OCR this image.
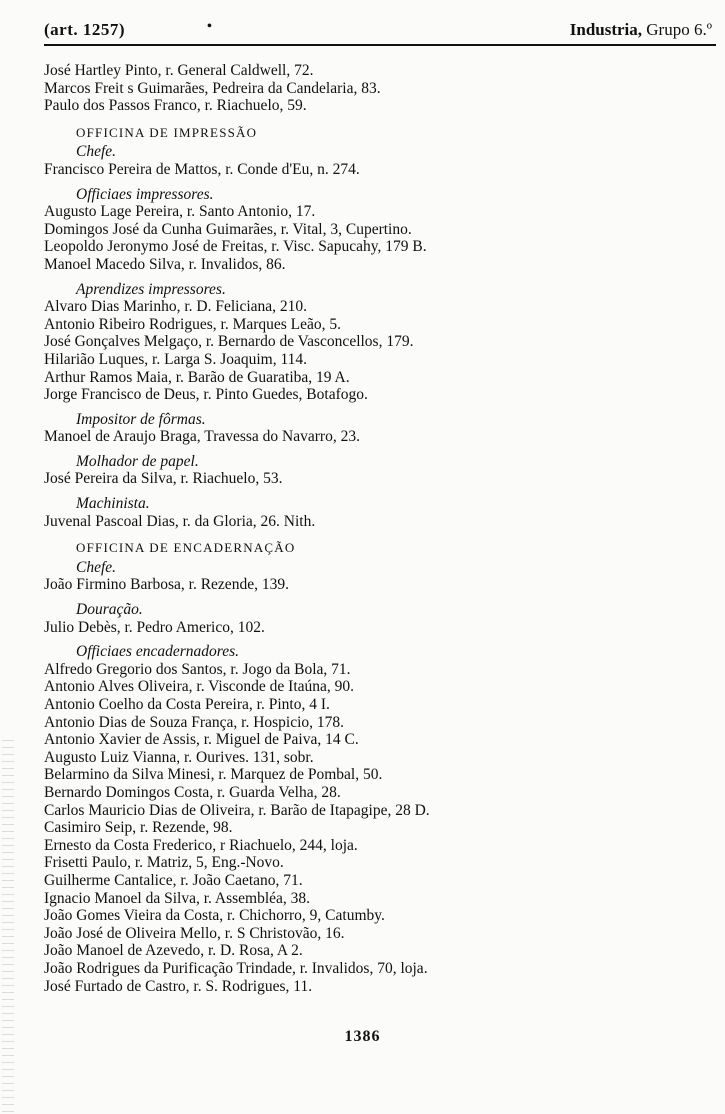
(art. 1257)	•	Industria, Grupo 6.º
José Hartley Pinto, r. General Caldwell, 72.
Marcos Freit s Guimarães, Pedreira da Candelaria, 83.
Paulo dos Passos Franco, r. Riachuelo, 59.
OFFICINA DE IMPRESSÃO
Chefe.
Francisco Pereira de Mattos, r. Conde d'Eu, n. 274.
Officiaes impressores.
Augusto Lage Pereira, r. Santo Antonio, 17.
Domingos José da Cunha Guimarães, r. Vital, 3, Cupertino.
Leopoldo Jeronymo José de Freitas, r. Visc. Sapucahy, 179 B.
Manoel Macedo Silva, r. Invalidos, 86.
Aprendizes impressores.
Alvaro Dias Marinho, r. D. Feliciana, 210.
Antonio Ribeiro Rodrigues, r. Marques Leão, 5.
José Gonçalves Melgaço, r. Bernardo de Vasconcellos, 179.
Hilarião Luques, r. Larga S. Joaquim, 114.
Arthur Ramos Maia, r. Barão de Guaratiba, 19 A.
Jorge Francisco de Deus, r. Pinto Guedes, Botafogo.
Impositor de fôrmas.
Manoel de Araujo Braga, Travessa do Navarro, 23.
Molhador de papel.
José Pereira da Silva, r. Riachuelo, 53.
Machinista.
Juvenal Pascoal Dias, r. da Gloria, 26. Nith.
OFFICINA DE ENCADERNAÇÃO
Chefe.
João Firmino Barbosa, r. Rezende, 139.
Douração.
Julio Debès, r. Pedro Americo, 102.
Officiaes encadernadores.
Alfredo Gregorio dos Santos, r. Jogo da Bola, 71.
Antonio Alves Oliveira, r. Visconde de Itaúna, 90.
Antonio Coelho da Costa Pereira, r. Pinto, 4 I.
Antonio Dias de Souza França, r. Hospicio, 178.
Antonio Xavier de Assis, r. Miguel de Paiva, 14 C.
Augusto Luiz Vianna, r. Ourives. 131, sobr.
Belarmino da Silva Minesi, r. Marquez de Pombal, 50.
Bernardo Domingos Costa, r. Guarda Velha, 28.
Carlos Mauricio Dias de Oliveira, r. Barão de Itapagipe, 28 D.
Casimiro Seip, r. Rezende, 98.
Ernesto da Costa Frederico, r Riachuelo, 244, loja.
Frisetti Paulo, r. Matriz, 5, Eng.-Novo.
Guilherme Cantalice, r. João Caetano, 71.
Ignacio Manoel da Silva, r. Assembléa, 38.
João Gomes Vieira da Costa, r. Chichorro, 9, Catumby.
João José de Oliveira Mello, r. S Christovão, 16.
João Manoel de Azevedo, r. D. Rosa, A 2.
João Rodrigues da Purificação Trindade, r. Invalidos, 70, loja.
José Furtado de Castro, r. S. Rodrigues, 11.
1386
